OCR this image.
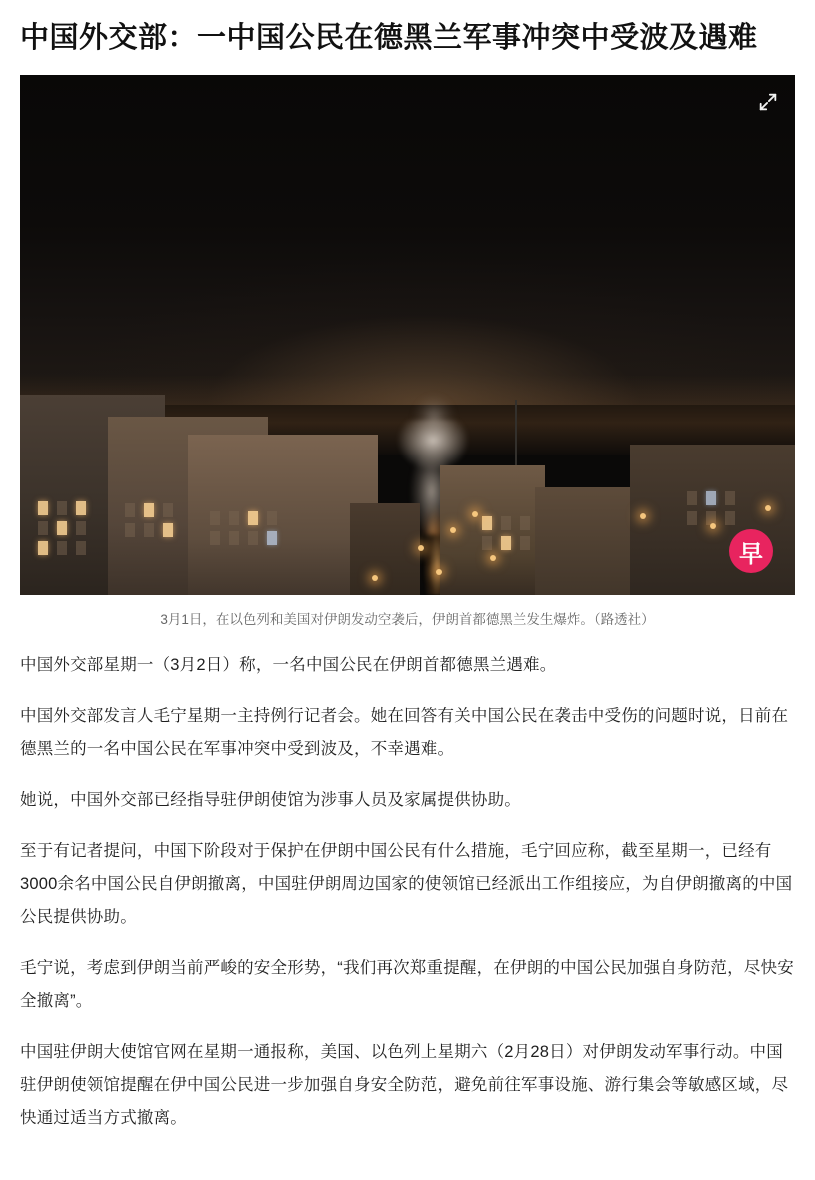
中国外交部：一中国公民在德黑兰军事冲突中受波及遇难
早
3月1日，在以色列和美国对伊朗发动空袭后，伊朗首都德黑兰发生爆炸。（路透社）

中国外交部星期一（3月2日）称，一名中国公民在伊朗首都德黑兰遇难。

中国外交部发言人毛宁星期一主持例行记者会。她在回答有关中国公民在袭击中受伤的问题时说，日前在德黑兰的一名中国公民在军事冲突中受到波及，不幸遇难。

她说，中国外交部已经指导驻伊朗使馆为涉事人员及家属提供协助。

至于有记者提问，中国下阶段对于保护在伊朗中国公民有什么措施，毛宁回应称，截至星期一，已经有3000余名中国公民自伊朗撤离，中国驻伊朗周边国家的使领馆已经派出工作组接应，为自伊朗撤离的中国公民提供协助。

毛宁说，考虑到伊朗当前严峻的安全形势，“我们再次郑重提醒，在伊朗的中国公民加强自身防范，尽快安全撤离”。

中国驻伊朗大使馆官网在星期一通报称，美国、以色列上星期六（2月28日）对伊朗发动军事行动。中国驻伊朗使领馆提醒在伊中国公民进一步加强自身安全防范，避免前往军事设施、游行集会等敏感区域，尽快通过适当方式撤离。
